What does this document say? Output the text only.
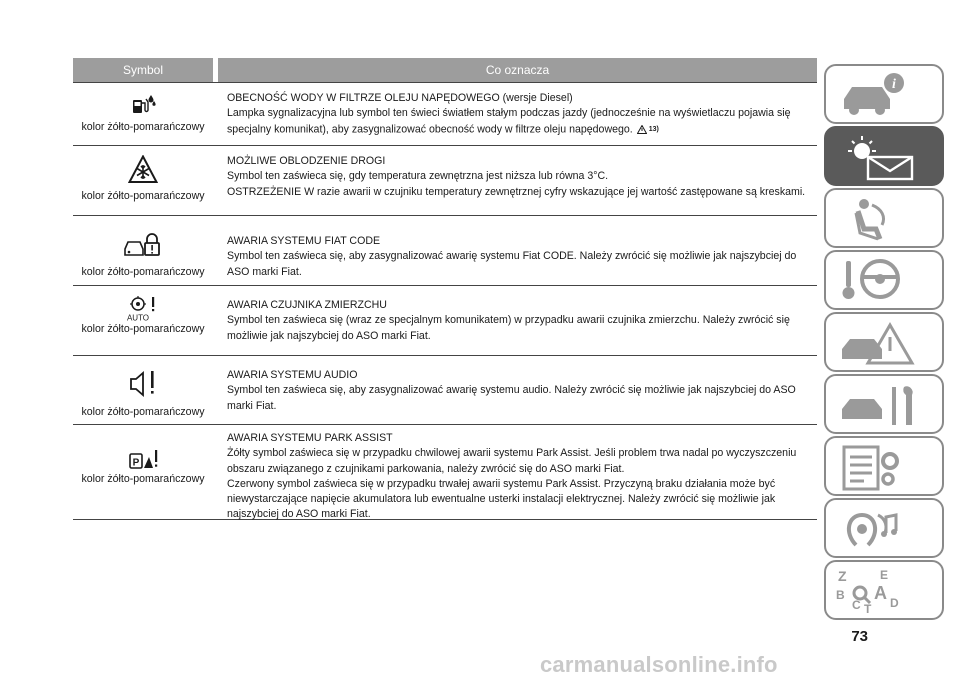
Symbol	Co oznacza
kolor żółto-pomarańczowy

OBECNOŚĆ WODY W FILTRZE OLEJU NAPĘDOWEGO (wersje Diesel)

Lampka sygnalizacyjna lub symbol ten świeci światłem stałym podczas jazdy (jednocześnie na wyświetlaczu pojawia się specjalny komunikat), aby zasygnalizować obecność wody w filtrze oleju napędowego. 13)

kolor żółto-pomarańczowy

MOŻLIWE OBLODZENIE DROGI

Symbol ten zaświeca się, gdy temperatura zewnętrzna jest niższa lub równa 3°C.

OSTRZEŻENIE W razie awarii w czujniku temperatury zewnętrznej cyfry wskazujące jej wartość zastępowane są kreskami.

kolor żółto-pomarańczowy

AWARIA SYSTEMU FIAT CODE

Symbol ten zaświeca się, aby zasygnalizować awarię systemu Fiat CODE. Należy zwrócić się możliwie jak najszybciej do ASO marki Fiat.

AUTO
kolor żółto-pomarańczowy

AWARIA CZUJNIKA ZMIERZCHU

Symbol ten zaświeca się (wraz ze specjalnym komunikatem) w przypadku awarii czujnika zmierzchu. Należy zwrócić się możliwie jak najszybciej do ASO marki Fiat.

kolor żółto-pomarańczowy

AWARIA SYSTEMU AUDIO

Symbol ten zaświeca się, aby zasygnalizować awarię systemu audio. Należy zwrócić się możliwie jak najszybciej do ASO marki Fiat.

P
kolor żółto-pomarańczowy

AWARIA SYSTEMU PARK ASSIST

Żółty symbol zaświeca się w przypadku chwilowej awarii systemu Park Assist. Jeśli problem trwa nadal po wyczyszczeniu obszaru związanego z czujnikami parkowania, należy zwrócić się do ASO marki Fiat.

Czerwony symbol zaświeca się w przypadku trwałej awarii systemu Park Assist. Przyczyną braku działania może być niewystarczające napięcie akumulatora lub ewentualne usterki instalacji elektrycznej. Należy zwrócić się możliwie jak najszybciej do ASO marki Fiat.

i
Z	E
B A
C T D
73
carmanualsonline.info
